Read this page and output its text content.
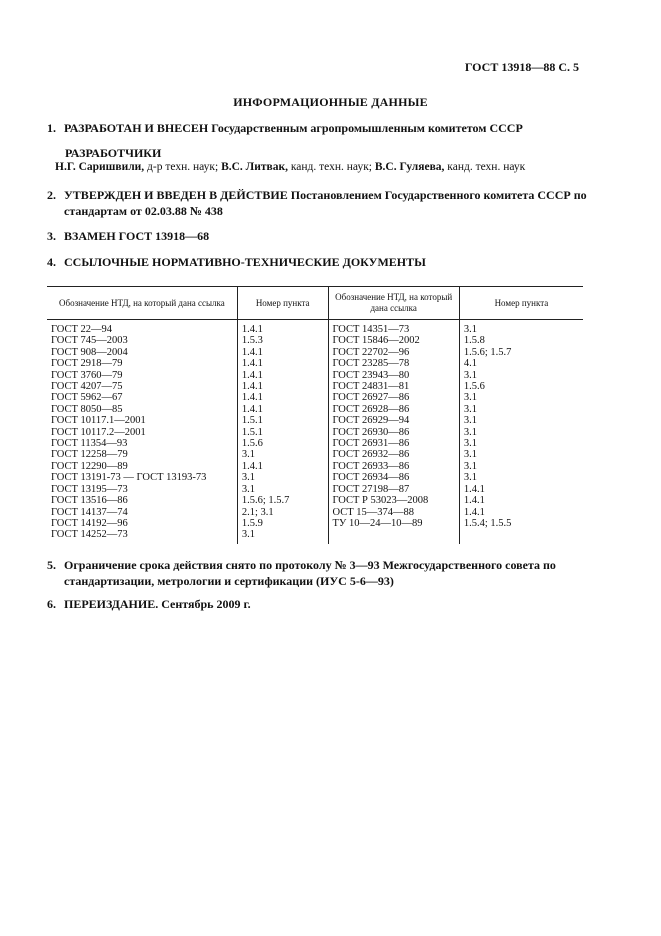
ГОСТ 13918—88 С. 5
ИНФОРМАЦИОННЫЕ ДАННЫЕ
1. РАЗРАБОТАН И ВНЕСЕН Государственным агропромышленным комитетом СССР
РАЗРАБОТЧИКИ
Н.Г. Саришвили, д-р техн. наук; В.С. Литвак, канд. техн. наук; В.С. Гуляева, канд. техн. наук
2. УТВЕРЖДЕН И ВВЕДЕН В ДЕЙСТВИЕ Постановлением Государственного комитета СССР по стандартам от 02.03.88 № 438
3. ВЗАМЕН ГОСТ 13918—68
4. ССЫЛОЧНЫЕ НОРМАТИВНО-ТЕХНИЧЕСКИЕ ДОКУМЕНТЫ
Обозначение НТД, на который дана ссылка	Номер пункта	Обозначение НТД, на который дана ссылка	Номер пункта
ГОСТ 22—94	1.4.1	ГОСТ 14351—73	3.1
ГОСТ 745—2003	1.5.3	ГОСТ 15846—2002	1.5.8
ГОСТ 908—2004	1.4.1	ГОСТ 22702—96	1.5.6; 1.5.7
ГОСТ 2918—79	1.4.1	ГОСТ 23285—78	4.1
ГОСТ 3760—79	1.4.1	ГОСТ 23943—80	3.1
ГОСТ 4207—75	1.4.1	ГОСТ 24831—81	1.5.6
ГОСТ 5962—67	1.4.1	ГОСТ 26927—86	3.1
ГОСТ 8050—85	1.4.1	ГОСТ 26928—86	3.1
ГОСТ 10117.1—2001	1.5.1	ГОСТ 26929—94	3.1
ГОСТ 10117.2—2001	1.5.1	ГОСТ 26930—86	3.1
ГОСТ 11354—93	1.5.6	ГОСТ 26931—86	3.1
ГОСТ 12258—79	3.1	ГОСТ 26932—86	3.1
ГОСТ 12290—89	1.4.1	ГОСТ 26933—86	3.1
ГОСТ 13191-73 — ГОСТ 13193-73	3.1	ГОСТ 26934—86	3.1
ГОСТ 13195—73	3.1	ГОСТ 27198—87	1.4.1
ГОСТ 13516—86	1.5.6; 1.5.7	ГОСТ Р 53023—2008	1.4.1
ГОСТ 14137—74	2.1; 3.1	ОСТ 15—374—88	1.4.1
ГОСТ 14192—96	1.5.9	ТУ 10—24—10—89	1.5.4; 1.5.5
ГОСТ 14252—73	3.1		
5. Ограничение срока действия снято по протоколу № 3—93 Межгосударственного совета по стандартизации, метрологии и сертификации (ИУС 5-6—93)
6. ПЕРЕИЗДАНИЕ. Сентябрь 2009 г.
